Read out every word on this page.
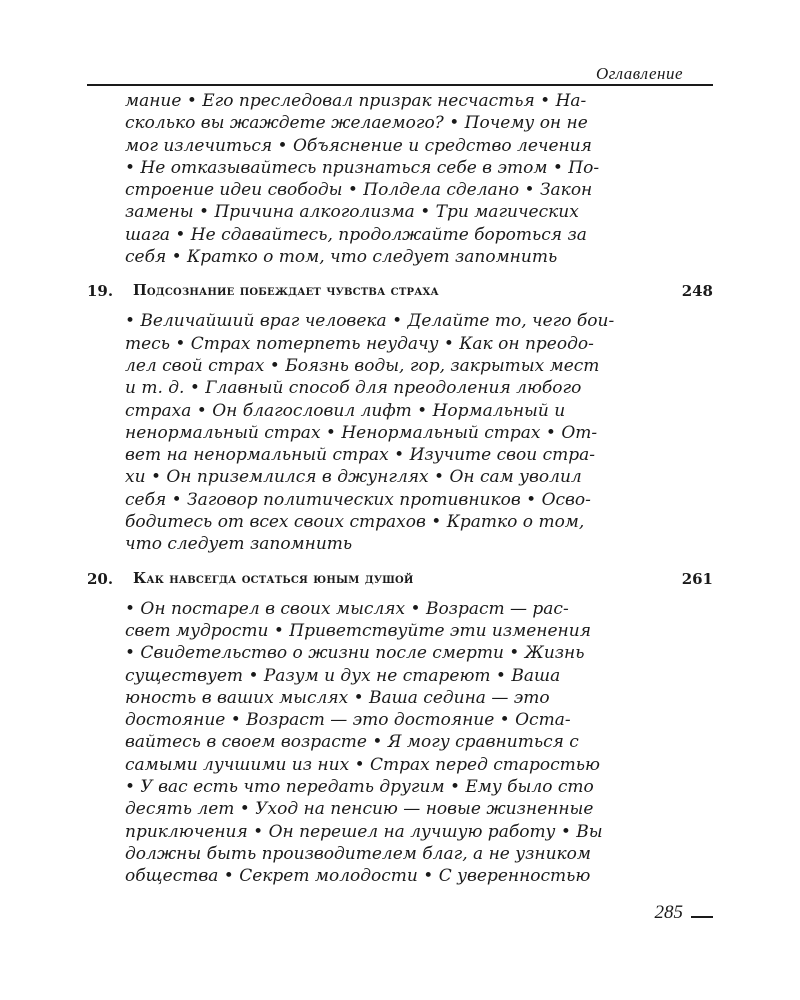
Оглавление
мание • Его преследовал призрак несчастья • На-
сколько вы жаждете желаемого? • Почему он не
мог излечиться • Объяснение и средство лечения
• Не отказывайтесь признаться себе в этом • По-
строение идеи свободы • Полдела сделано • Закон
замены • Причина алкоголизма • Три магических
шага • Не сдавайтесь, продолжайте бороться за
себя • Кратко о том, что следует запомнить
19. Подсознание побеждает чувства страха	248
• Величайший враг человека • Делайте то, чего бои-
тесь • Страх потерпеть неудачу • Как он преодо-
лел свой страх • Боязнь воды, гор, закрытых мест
и т. д. • Главный способ для преодоления любого
страха • Он благословил лифт • Нормальный и
ненормальный страх • Ненормальный страх • От-
вет на ненормальный страх • Изучите свои стра-
хи • Он приземлился в джунглях • Он сам уволил
себя • Заговор политических противников • Осво-
бодитесь от всех своих страхов • Кратко о том,
что следует запомнить
20. Как навсегда остаться юным душой	261
• Он постарел в своих мыслях • Возраст — рас-
свет мудрости • Приветствуйте эти изменения
• Свидетельство о жизни после смерти • Жизнь
существует • Разум и дух не стареют • Ваша
юность в ваших мыслях • Ваша седина — это
достояние • Возраст — это достояние • Оста-
вайтесь в своем возрасте • Я могу сравниться с
самыми лучшими из них • Страх перед старостью
• У вас есть что передать другим • Ему было сто
десять лет • Уход на пенсию — новые жизненные
приключения • Он перешел на лучшую работу • Вы
должны быть производителем благ, а не узником
общества • Секрет молодости • С уверенностью
285
